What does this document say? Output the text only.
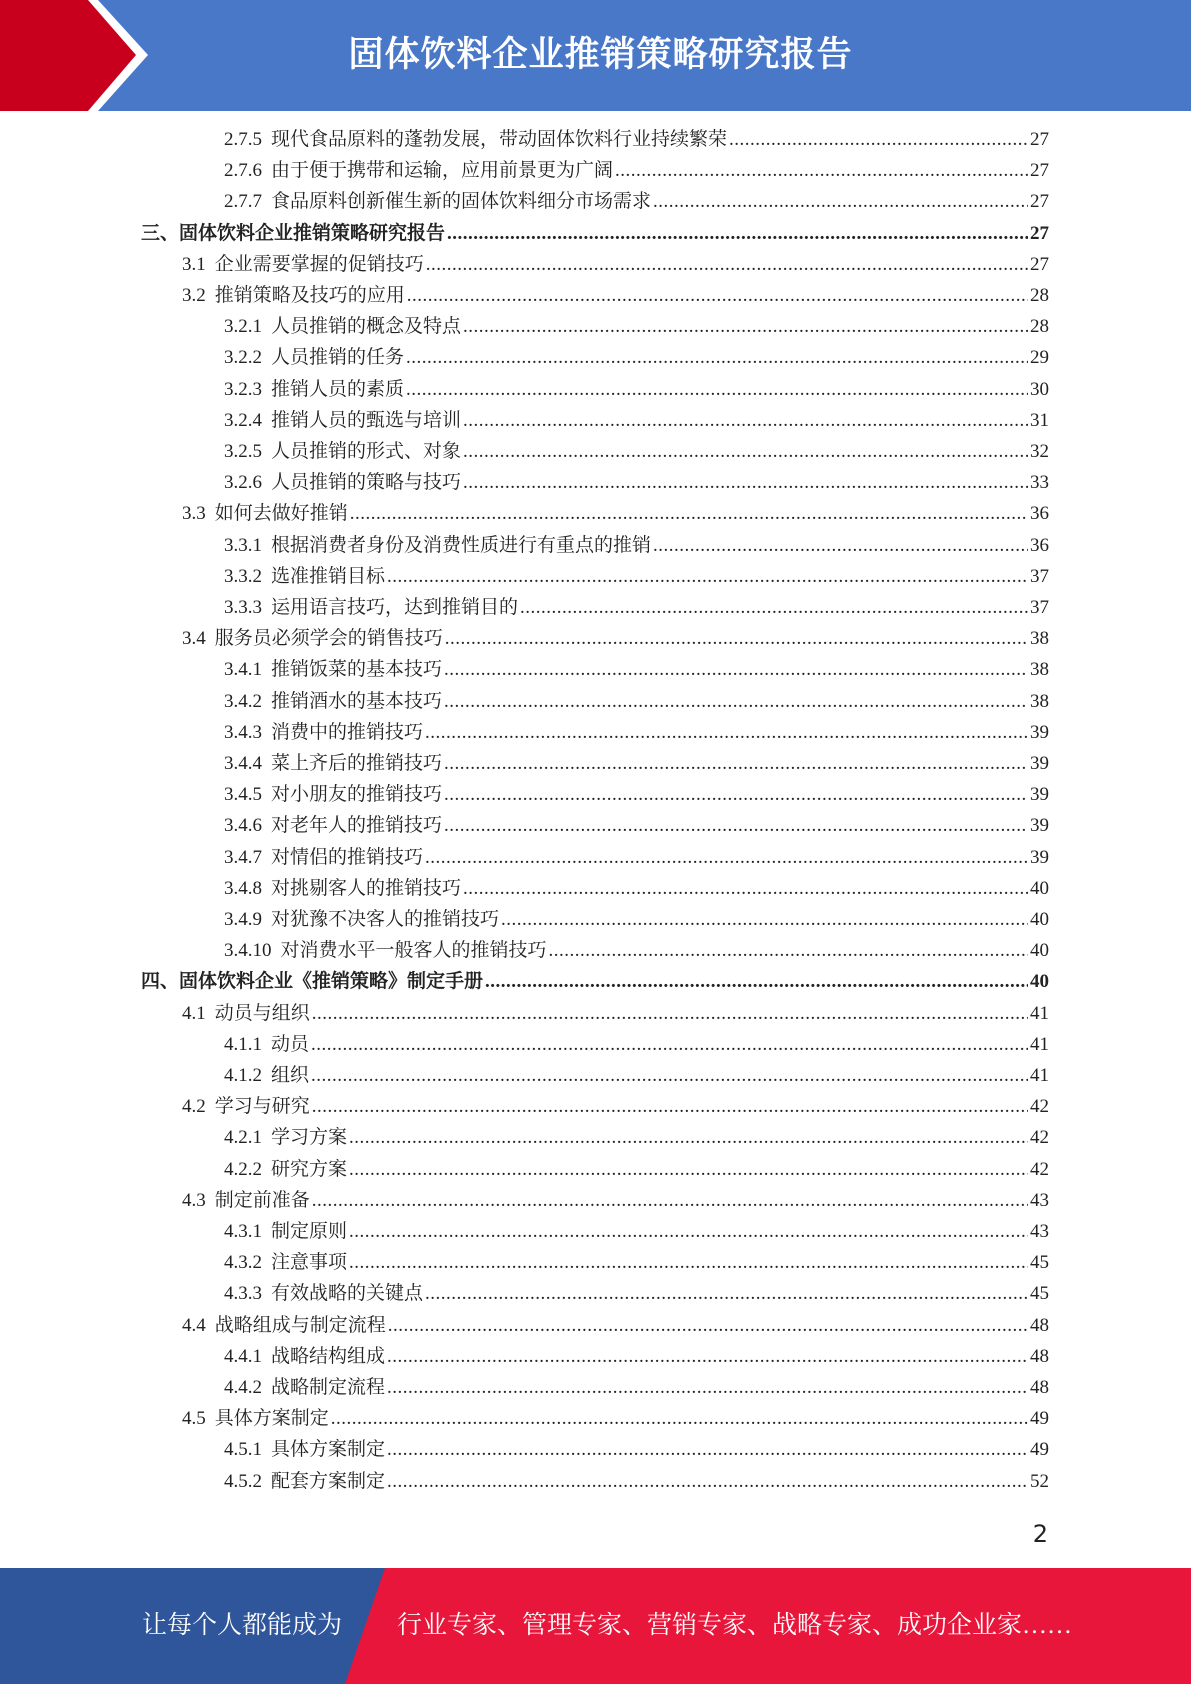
固体饮料企业推销策略研究报告
2.7.5 现代食品原料的蓬勃发展，带动固体饮料行业持续繁荣 .....	27
2.7.6 由于便于携带和运输，应用前景更为广阔 .....	27
2.7.7 食品原料创新催生新的固体饮料细分市场需求 .....	27
三、固体饮料企业推销策略研究报告 .....	27
3.1 企业需要掌握的促销技巧 .....	27
3.2 推销策略及技巧的应用 .....	28
3.2.1 人员推销的概念及特点 .....	28
3.2.2 人员推销的任务 .....	29
3.2.3 推销人员的素质 .....	30
3.2.4 推销人员的甄选与培训 .....	31
3.2.5 人员推销的形式、对象 .....	32
3.2.6 人员推销的策略与技巧 .....	33
3.3 如何去做好推销 .....	36
3.3.1 根据消费者身份及消费性质进行有重点的推销 .....	36
3.3.2 选准推销目标 .....	37
3.3.3 运用语言技巧，达到推销目的 .....	37
3.4 服务员必须学会的销售技巧 .....	38
3.4.1 推销饭菜的基本技巧 .....	38
3.4.2 推销酒水的基本技巧 .....	38
3.4.3 消费中的推销技巧 .....	39
3.4.4 菜上齐后的推销技巧 .....	39
3.4.5 对小朋友的推销技巧 .....	39
3.4.6 对老年人的推销技巧 .....	39
3.4.7 对情侣的推销技巧 .....	39
3.4.8 对挑剔客人的推销技巧 .....	40
3.4.9 对犹豫不决客人的推销技巧 .....	40
3.4.10 对消费水平一般客人的推销技巧 .....	40
四、固体饮料企业《推销策略》制定手册 .....	40
4.1 动员与组织 .....	41
4.1.1 动员 .....	41
4.1.2 组织 .....	41
4.2 学习与研究 .....	42
4.2.1 学习方案 .....	42
4.2.2 研究方案 .....	42
4.3 制定前准备 .....	43
4.3.1 制定原则 .....	43
4.3.2 注意事项 .....	45
4.3.3 有效战略的关键点 .....	45
4.4 战略组成与制定流程 .....	48
4.4.1 战略结构组成 .....	48
4.4.2 战略制定流程 .....	48
4.5 具体方案制定 .....	49
4.5.1 具体方案制定 .....	49
4.5.2 配套方案制定 .....	52
2
让每个人都能成为 行业专家、管理专家、营销专家、战略专家、成功企业家……
